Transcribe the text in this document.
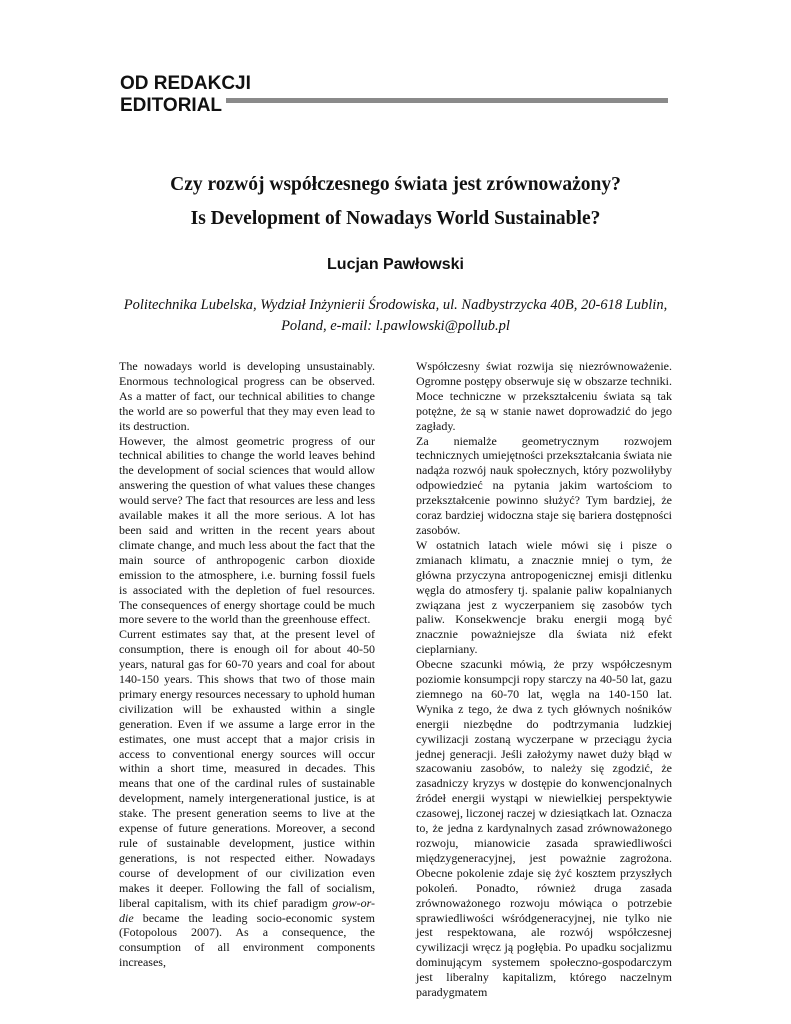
OD REDAKCJI
EDITORIAL
Czy rozwój współczesnego świata jest zrównoważony?
Is Development of Nowadays World Sustainable?
Lucjan Pawłowski
Politechnika Lubelska, Wydział Inżynierii Środowiska, ul. Nadbystrzycka 40B, 20-618 Lublin,
Poland, e-mail: l.pawlowski@pollub.pl

The nowadays world is developing unsustainably. Enormous technological progress can be observed. As a matter of fact, our technical abilities to change the world are so powerful that they may even lead to its destruction.

However, the almost geometric progress of our technical abilities to change the world leaves behind the development of social sciences that would allow answering the question of what values these changes would serve? The fact that resources are less and less available makes it all the more serious. A lot has been said and written in the recent years about climate change, and much less about the fact that the main source of anthropogenic carbon dioxide emission to the atmosphere, i.e. burning fossil fuels is associated with the depletion of fuel resources. The consequences of energy shortage could be much more severe to the world than the greenhouse effect.

Current estimates say that, at the present level of consumption, there is enough oil for about 40-50 years, natural gas for 60-70 years and coal for about 140-150 years. This shows that two of those main primary energy resources necessary to uphold human civilization will be exhausted within a single generation. Even if we assume a large error in the estimates, one must accept that a major crisis in access to conventional energy sources will occur within a short time, measured in decades. This means that one of the cardinal rules of sustainable development, namely intergenerational justice, is at stake. The present generation seems to live at the expense of future generations. Moreover, a second rule of sustainable development, justice within generations, is not respected either. Nowadays course of development of our civilization even makes it deeper. Following the fall of socialism, liberal capitalism, with its chief paradigm grow-or-die became the leading socio-economic system (Fotopolous 2007). As a consequence, the consumption of all environment components increases,

Współczesny świat rozwija się niezrównoważenie. Ogromne postępy obserwuje się w obszarze techniki. Moce techniczne w przekształceniu świata są tak potężne, że są w stanie nawet doprowadzić do jego zagłady.

Za niemalże geometrycznym rozwojem technicznych umiejętności przekształcania świata nie nadąża rozwój nauk społecznych, który pozwoliłyby odpowiedzieć na pytania jakim wartościom to przekształcenie powinno służyć? Tym bardziej, że coraz bardziej widoczna staje się bariera dostępności zasobów.

W ostatnich latach wiele mówi się i pisze o zmianach klimatu, a znacznie mniej o tym, że główna przyczyna antropogenicznej emisji ditlenku węgla do atmosfery tj. spalanie paliw kopalnianych związana jest z wyczerpaniem się zasobów tych paliw. Konsekwencje braku energii mogą być znacznie poważniejsze dla świata niż efekt cieplarniany.

Obecne szacunki mówią, że przy współczesnym poziomie konsumpcji ropy starczy na 40-50 lat, gazu ziemnego na 60-70 lat, węgla na 140-150 lat. Wynika z tego, że dwa z tych głównych nośników energii niezbędne do podtrzymania ludzkiej cywilizacji zostaną wyczerpane w przeciągu życia jednej generacji. Jeśli założymy nawet duży błąd w szacowaniu zasobów, to należy się zgodzić, że zasadniczy kryzys w dostępie do konwencjonalnych źródeł energii wystąpi w niewielkiej perspektywie czasowej, liczonej raczej w dziesiątkach lat. Oznacza to, że jedna z kardynalnych zasad zrównoważonego rozwoju, mianowicie zasada sprawiedliwości międzygeneracyjnej, jest poważnie zagrożona. Obecne pokolenie zdaje się żyć kosztem przyszłych pokoleń. Ponadto, również druga zasada zrównoważonego rozwoju mówiąca o potrzebie sprawiedliwości wśródgeneracyjnej, nie tylko nie jest respektowana, ale rozwój współczesnej cywilizacji wręcz ją pogłębia. Po upadku socjalizmu dominującym systemem społeczno-gospodarczym jest liberalny kapitalizm, którego naczelnym paradygmatem
